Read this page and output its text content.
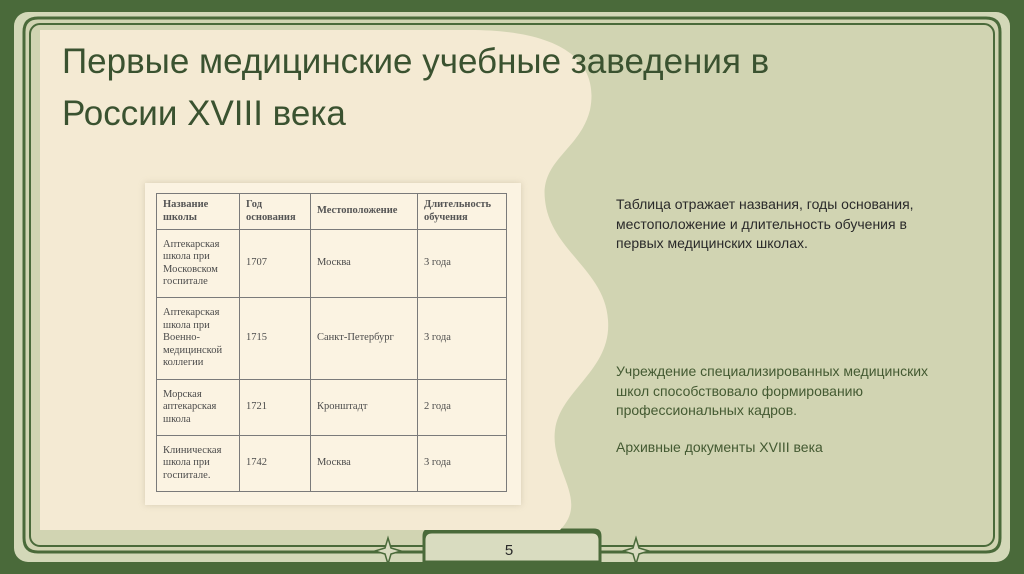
Первые медицинские учебные заведения в России XVIII века
Название школы	Год основания	Местоположение	Длительность обучения
Аптекарская школа при Московском госпитале	1707	Москва	3 года
Аптекарская школа при Военно-медицинской коллегии	1715	Санкт-Петербург	3 года
Морская аптекарская школа	1721	Кронштадт	2 года
Клиническая школа при госпитале.	1742	Москва	3 года
Таблица отражает названия, годы основания, местоположение и длительность обучения в первых медицинских школах.
Учреждение специализированных медицинских школ способствовало формированию профессиональных кадров.
Архивные документы XVIII века
5
